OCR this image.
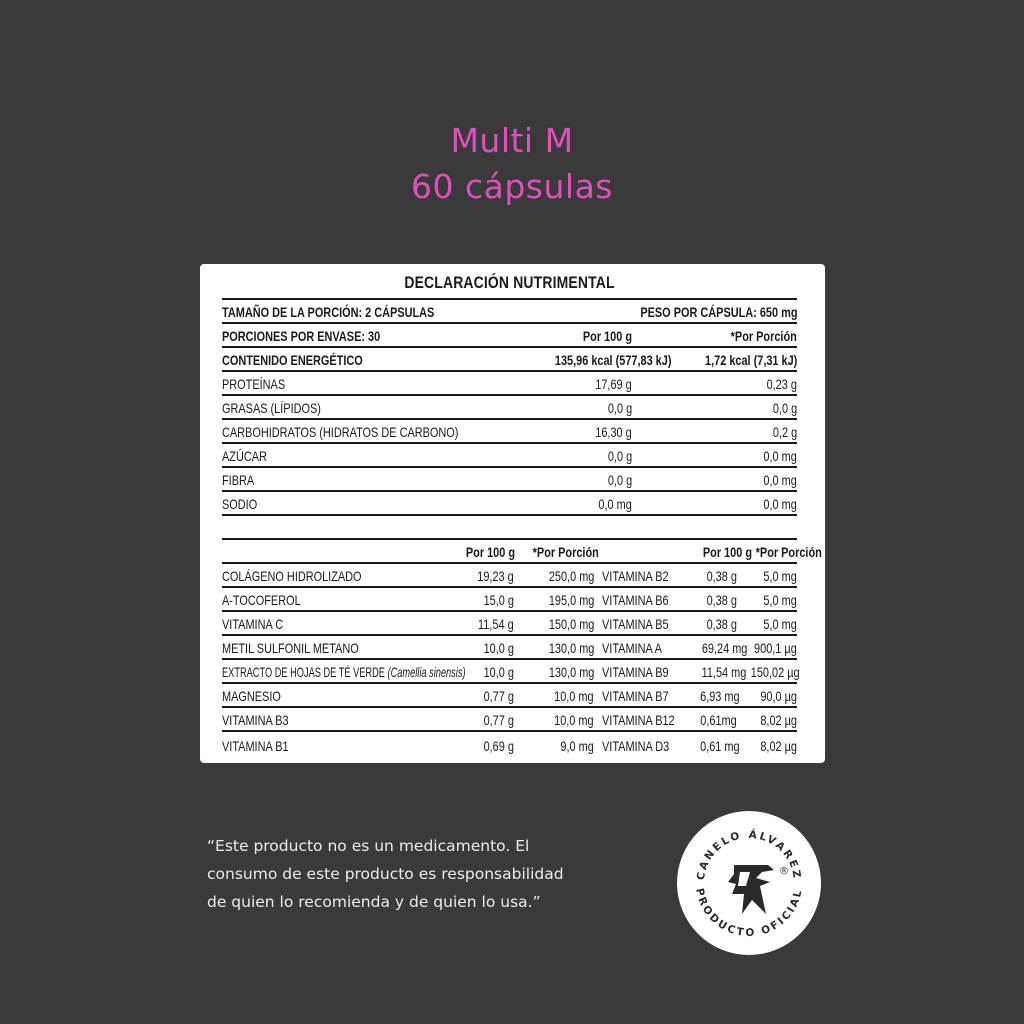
Multi M
60 cápsulas
DECLARACIÓN NUTRIMENTAL
TAMAÑO DE LA PORCIÓN: 2 CÁPSULAS	PESO POR CÁPSULA: 650 mg
PORCIONES POR ENVASE: 30	Por 100 g	*Por Porción
CONTENIDO ENERGÉTICO	135,96 kcal (577,83 kJ)	1,72 kcal (7,31 kJ)
PROTEÍNAS	17,69 g	0,23 g
GRASAS (LÍPIDOS)	0,0 g	0,0 g
CARBOHIDRATOS (HIDRATOS DE CARBONO)	16,30 g	0,2 g
AZÚCAR	0,0 g	0,0 mg
FIBRA	0,0 g	0,0 mg
SODIO	0,0 mg	0,0 mg
Por 100 g	*Por Porción	Por 100 g *Por Porción
COLÁGENO HIDROLIZADO	19,23 g	250,0 mg VITAMINA B2	0,38 g	5,0 mg
A-TOCOFEROL	15,0 g	195,0 mg VITAMINA B6	0,38 g	5,0 mg
VITAMINA C	11,54 g	150,0 mg VITAMINA B5	0,38 g	5,0 mg
METIL SULFONIL METANO	10,0 g	130,0 mg VITAMINA A	69,24 mg 900,1 µg
EXTRACTO DE HOJAS DE TÉ VERDE (Camellia sinensis)	10,0 g	130,0 mg VITAMINA B9	11,54 mg 150,02 µg
MAGNESIO	0,77 g	10,0 mg VITAMINA B7	6,93 mg	90,0 µg
VITAMINA B3	0,77 g	10,0 mg VITAMINA B12	0,61mg	8,02 µg
VITAMINA B1	0,69 g	9,0 mg VITAMINA D3	0,61 mg	8,02 µg
“Este producto no es un medicamento. El
consumo de este producto es responsabilidad
de quien lo recomienda y de quien lo usa.”
CANELO ÁLVAREZ
PRODUCTO OFICIAL
®
